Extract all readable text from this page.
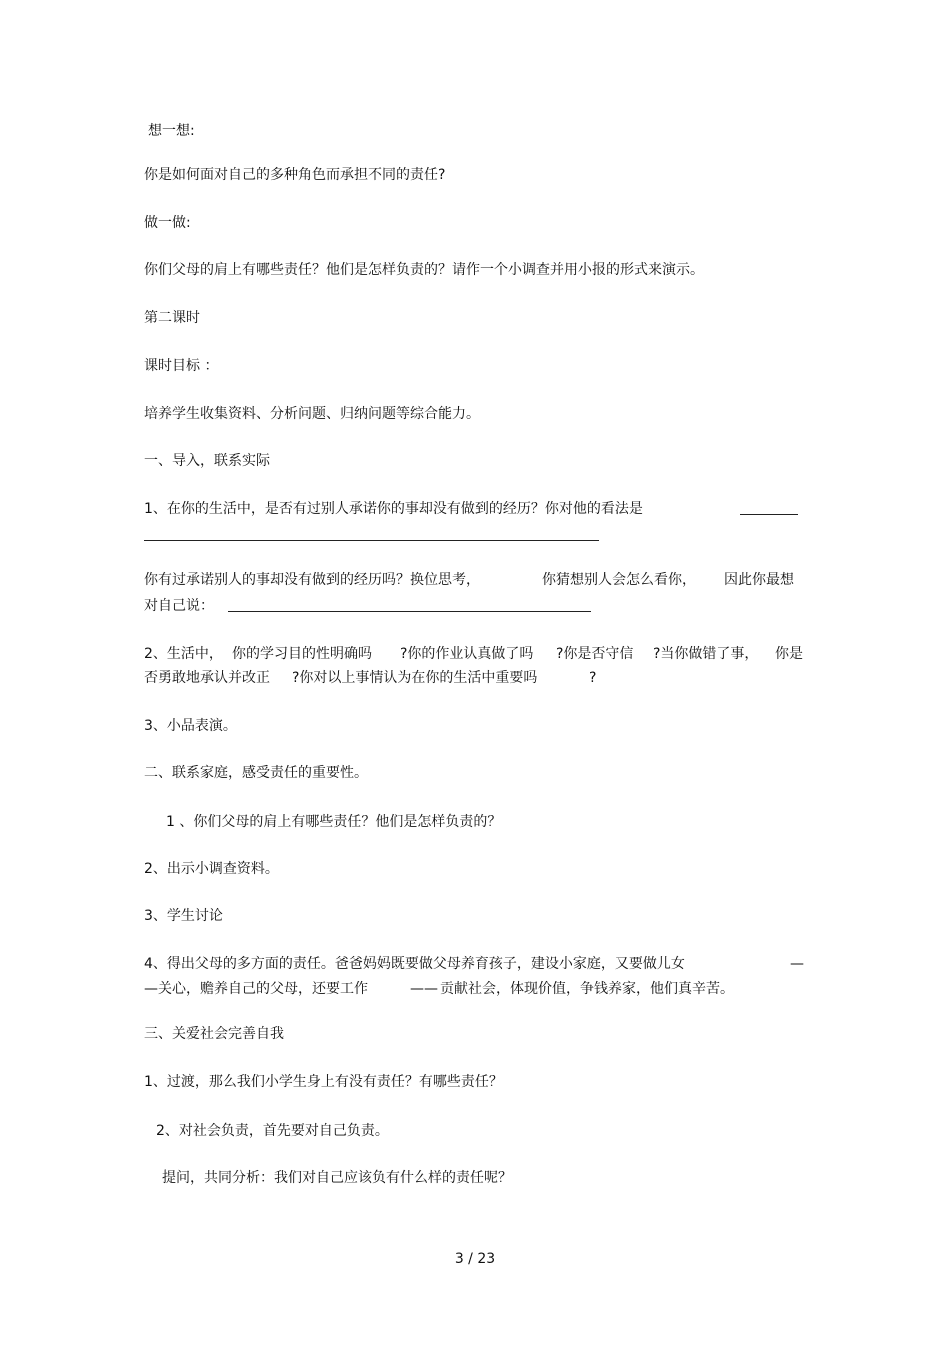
想一想:
你是如何面对自己的多种角色而承担不同的责任?
做一做:
你们父母的肩上有哪些责任？他们是怎样负责的？请作一个小调查并用小报的形式来演示。
第二课时
课时目标 ：
培养学生收集资料、分析问题、归纳问题等综合能力。
一、导入，联系实际
1、在你的生活中，是否有过别人承诺你的事却没有做到的经历？你对他的看法是
你有过承诺别人的事却没有做到的经历吗？换位思考，	你猜想别人会怎么看你， 因此你最想
对自己说：
2、生活中， 你的学习目的性明确吗 ?你的作业认真做了吗 ?你是否守信 ?当你做错了事， 你是
否勇敢地承认并改正 ?你对以上事情认为在你的生活中重要吗	?
3、小品表演。
二、联系家庭，感受责任的重要性。
1 、你们父母的肩上有哪些责任？他们是怎样负责的？
2、出示小调查资料。
3、学生讨论
4、得出父母的多方面的责任。爸爸妈妈既要做父母养育孩子，建设小家庭，又要做儿女	—
—关心，赡养自己的父母，还要工作	—— 贡献社会，体现价值，争钱养家，他们真辛苦。
三、关爱社会完善自我
1、过渡，那么我们小学生身上有没有责任？有哪些责任？
2、对社会负责，首先要对自己负责。
提问，共同分析：我们对自己应该负有什么样的责任呢？
3 / 23
